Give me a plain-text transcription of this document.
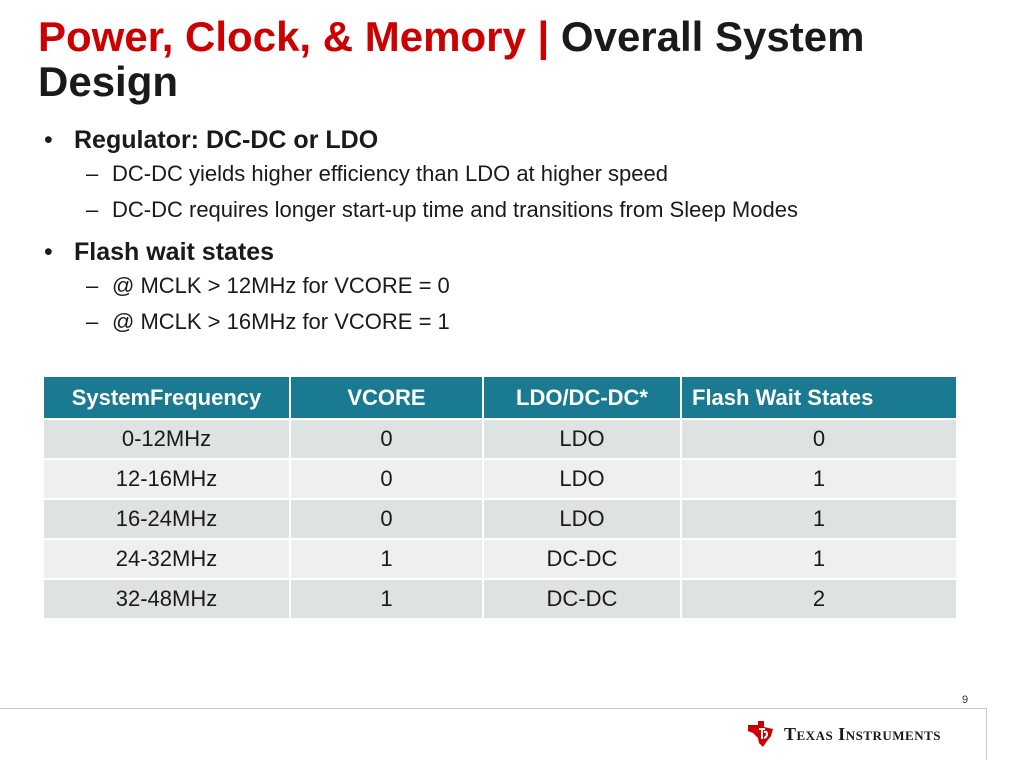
Power, Clock, & Memory | Overall System Design
• Regulator: DC-DC or LDO
– DC-DC yields higher efficiency than LDO at higher speed
– DC-DC requires longer start-up time and transitions from Sleep Modes
• Flash wait states
– @ MCLK > 12MHz for VCORE = 0
– @ MCLK > 16MHz for VCORE = 1
SystemFrequency	VCORE	LDO/DC-DC*	Flash Wait States
0-12MHz	0	LDO	0
12-16MHz	0	LDO	1
16-24MHz	0	LDO	1
24-32MHz	1	DC-DC	1
32-48MHz	1	DC-DC	2
9
Texas Instruments
